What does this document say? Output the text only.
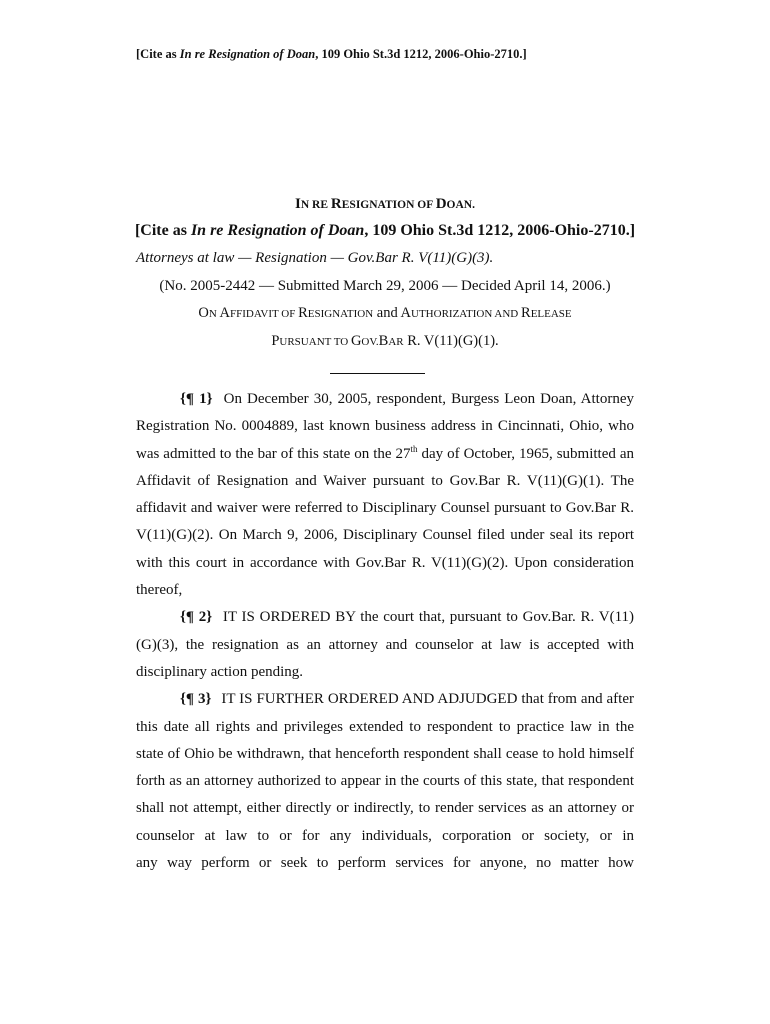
[Cite as In re Resignation of Doan, 109 Ohio St.3d 1212, 2006-Ohio-2710.]
IN RE RESIGNATION OF DOAN.
[Cite as In re Resignation of Doan, 109 Ohio St.3d 1212, 2006-Ohio-2710.]
Attorneys at law — Resignation — Gov.Bar R. V(11)(G)(3).
(No. 2005-2442 — Submitted March 29, 2006 — Decided April 14, 2006.)
ON AFFIDAVIT OF RESIGNATION and AUTHORIZATION AND RELEASE
PURSUANT TO GOV.BAR R. V(11)(G)(1).

{¶ 1} On December 30, 2005, respondent, Burgess Leon Doan, Attorney Registration No. 0004889, last known business address in Cincinnati, Ohio, who was admitted to the bar of this state on the 27th day of October, 1965, submitted an Affidavit of Resignation and Waiver pursuant to Gov.Bar R. V(11)(G)(1). The affidavit and waiver were referred to Disciplinary Counsel pursuant to Gov.Bar R. V(11)(G)(2). On March 9, 2006, Disciplinary Counsel filed under seal its report with this court in accordance with Gov.Bar R. V(11)(G)(2). Upon consideration thereof,

{¶ 2} IT IS ORDERED BY the court that, pursuant to Gov.Bar. R. V(11)(G)(3), the resignation as an attorney and counselor at law is accepted with disciplinary action pending.

{¶ 3} IT IS FURTHER ORDERED AND ADJUDGED that from and after this date all rights and privileges extended to respondent to practice law in the state of Ohio be withdrawn, that henceforth respondent shall cease to hold himself forth as an attorney authorized to appear in the courts of this state, that respondent shall not attempt, either directly or indirectly, to render services as an attorney or counselor at law to or for any individuals, corporation or society, or in

any way perform or seek to perform services for anyone, no matter how
